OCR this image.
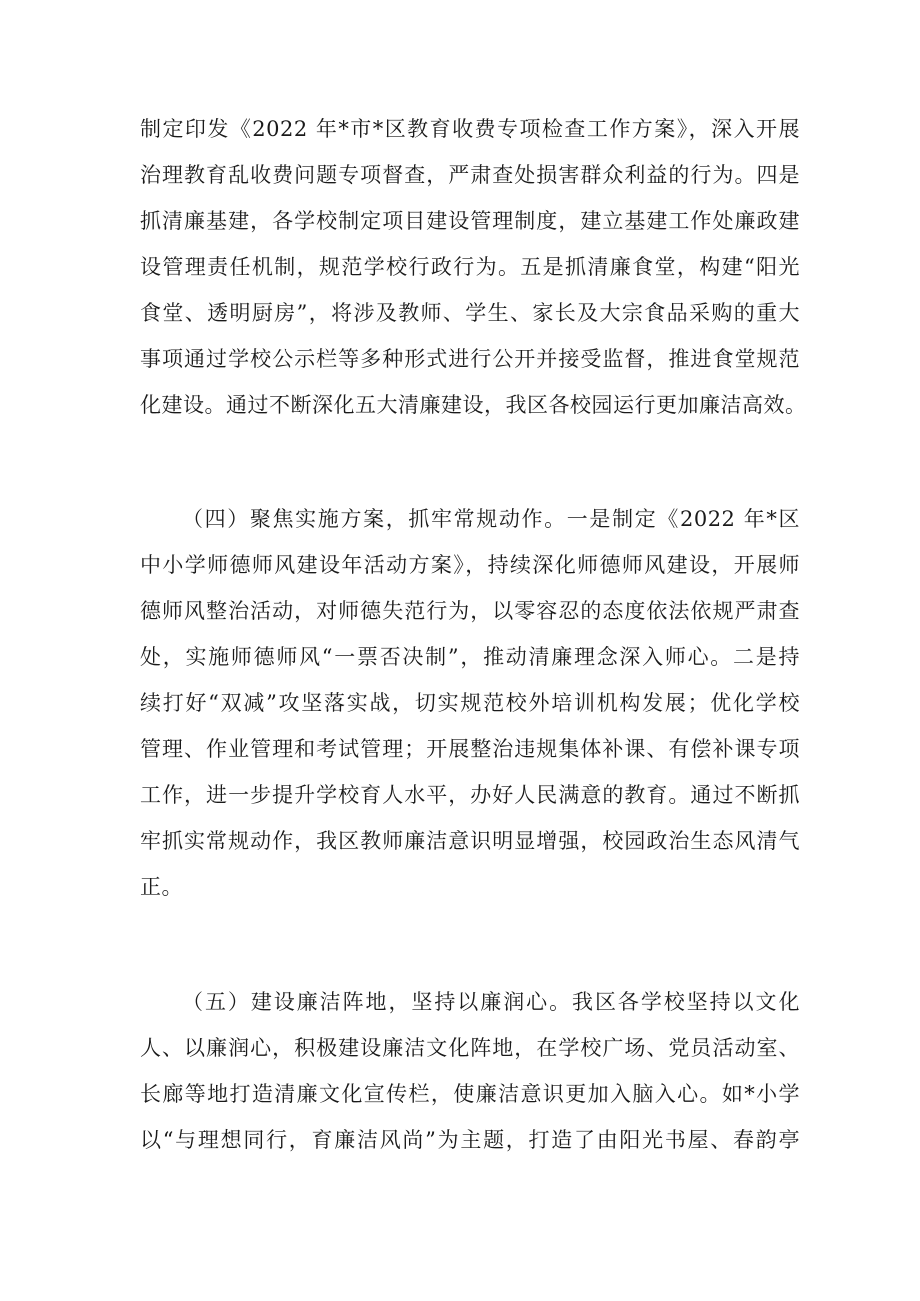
制定印发《2022 年*市*区教育收费专项检查工作方案》，深入开展
治理教育乱收费问题专项督查，严肃查处损害群众利益的行为。四是
抓清廉基建，各学校制定项目建设管理制度，建立基建工作处廉政建
设管理责任机制，规范学校行政行为。五是抓清廉食堂，构建“阳光
食堂、透明厨房”，将涉及教师、学生、家长及大宗食品采购的重大
事项通过学校公示栏等多种形式进行公开并接受监督，推进食堂规范
化建设。通过不断深化五大清廉建设，我区各校园运行更加廉洁高效。
（四）聚焦实施方案，抓牢常规动作。一是制定《2022 年*区
中小学师德师风建设年活动方案》，持续深化师德师风建设，开展师
德师风整治活动，对师德失范行为，以零容忍的态度依法依规严肃查
处，实施师德师风“一票否决制”，推动清廉理念深入师心。二是持
续打好“双减”攻坚落实战，切实规范校外培训机构发展；优化学校
管理、作业管理和考试管理；开展整治违规集体补课、有偿补课专项
工作，进一步提升学校育人水平，办好人民满意的教育。通过不断抓
牢抓实常规动作，我区教师廉洁意识明显增强，校园政治生态风清气
正。
（五）建设廉洁阵地，坚持以廉润心。我区各学校坚持以文化
人、以廉润心，积极建设廉洁文化阵地，在学校广场、党员活动室、
长廊等地打造清廉文化宣传栏，使廉洁意识更加入脑入心。如*小学
以“与理想同行，育廉洁风尚”为主题，打造了由阳光书屋、春韵亭
